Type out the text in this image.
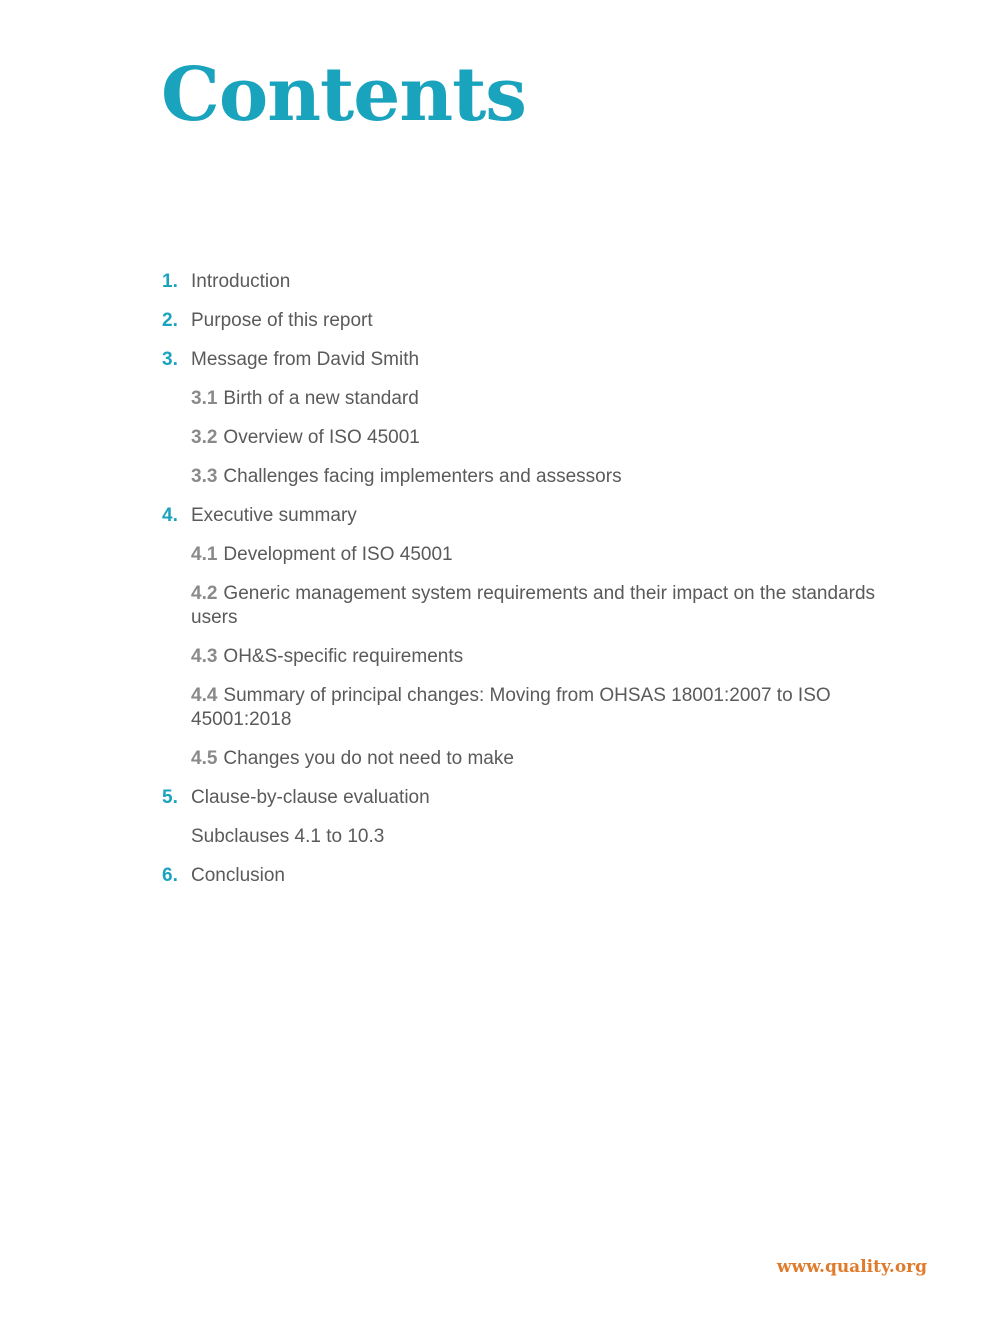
Contents
1. Introduction
2. Purpose of this report
3. Message from David Smith
3.1 Birth of a new standard
3.2 Overview of ISO 45001
3.3 Challenges facing implementers and assessors
4. Executive summary
4.1 Development of ISO 45001
4.2 Generic management system requirements and their impact on the standards users
4.3 OH&S-specific requirements
4.4 Summary of principal changes: Moving from OHSAS 18001:2007 to ISO 45001:2018
4.5 Changes you do not need to make
5. Clause-by-clause evaluation
Subclauses 4.1 to 10.3
6. Conclusion
www.quality.org
